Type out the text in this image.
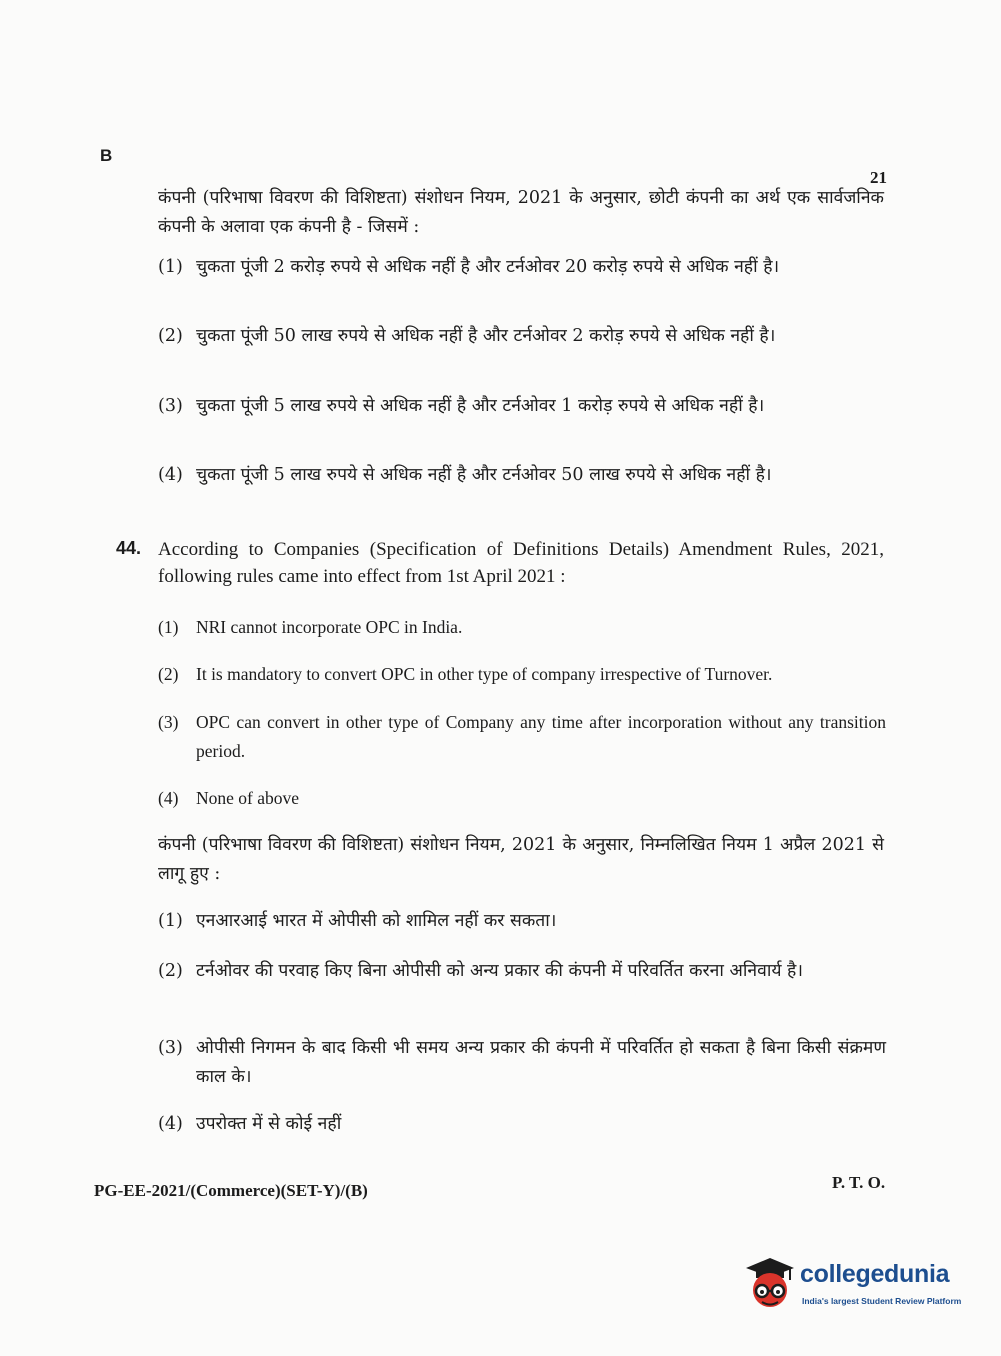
B
21
कंपनी (परिभाषा विवरण की विशिष्टता) संशोधन नियम, 2021 के अनुसार, छोटी कंपनी का अर्थ एक सार्वजनिक कंपनी के अलावा एक कंपनी है - जिसमें :
(1) चुकता पूंजी 2 करोड़ रुपये से अधिक नहीं है और टर्नओवर 20 करोड़ रुपये से अधिक नहीं है।
(2) चुकता पूंजी 50 लाख रुपये से अधिक नहीं है और टर्नओवर 2 करोड़ रुपये से अधिक नहीं है।
(3) चुकता पूंजी 5 लाख रुपये से अधिक नहीं है और टर्नओवर 1 करोड़ रुपये से अधिक नहीं है।
(4) चुकता पूंजी 5 लाख रुपये से अधिक नहीं है और टर्नओवर 50 लाख रुपये से अधिक नहीं है।
44. According to Companies (Specification of Definitions Details) Amendment Rules, 2021, following rules came into effect from 1st April 2021 :
(1)	NRI cannot incorporate OPC in India.
(2)	It is mandatory to convert OPC in other type of company irrespective of Turnover.
(3)	OPC can convert in other type of Company any time after incorporation without any transition period.
(4)	None of above
कंपनी (परिभाषा विवरण की विशिष्टता) संशोधन नियम, 2021 के अनुसार, निम्नलिखित नियम 1 अप्रैल 2021 से लागू हुए :
(1) एनआरआई भारत में ओपीसी को शामिल नहीं कर सकता।
(2) टर्नओवर की परवाह किए बिना ओपीसी को अन्य प्रकार की कंपनी में परिवर्तित करना अनिवार्य है।
(3) ओपीसी निगमन के बाद किसी भी समय अन्य प्रकार की कंपनी में परिवर्तित हो सकता है बिना किसी संक्रमण काल के।
(4) उपरोक्त में से कोई नहीं
PG-EE-2021/(Commerce)(SET-Y)/(B)	P. T. O.
collegedunia
India's largest Student Review Platform
